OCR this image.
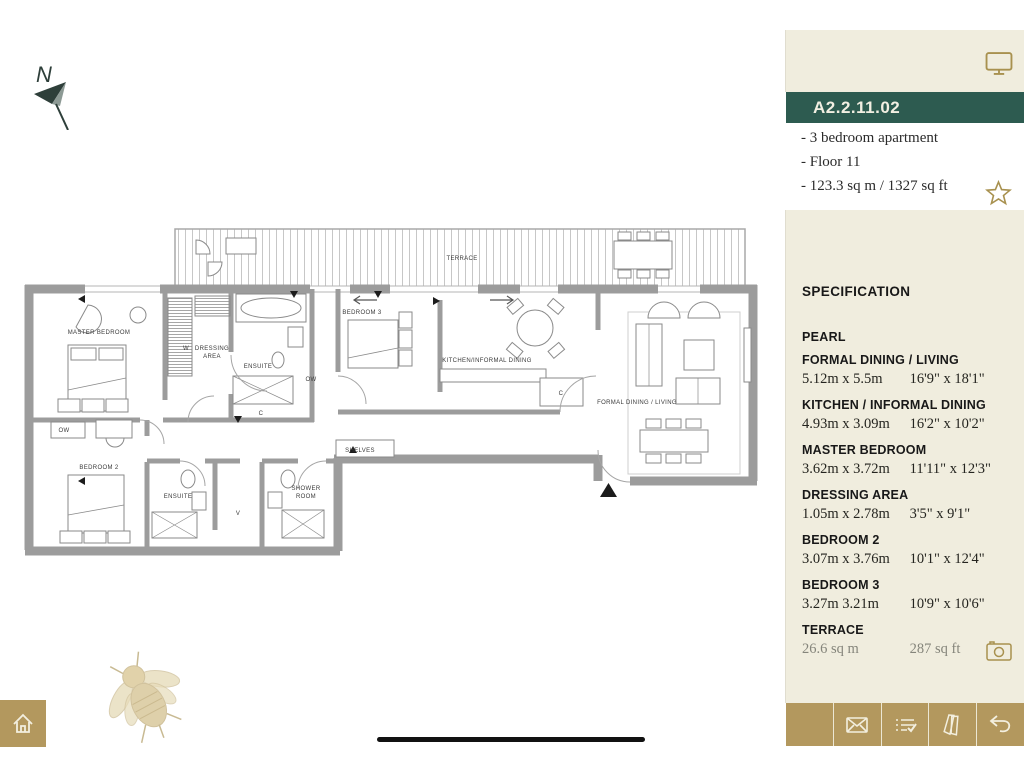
N
TERRACE
MASTER BEDROOM
W DRESSING
AREA
ENSUITE
OW
C
BEDROOM 3
KITCHEN/INFORMAL DINING
FORMAL DINING / LIVING
C
OW
BEDROOM 2
ENSUITE
V
SHOWER
ROOM
SHELVES
A2.2.11.02
- 3 bedroom apartment
- Floor 11
- 123.3 sq m / 1327 sq ft
SPECIFICATION
PEARL
FORMAL DINING / LIVING
5.12m x 5.5m 16'9" x 18'1"
KITCHEN / INFORMAL DINING
4.93m x 3.09m 16'2" x 10'2"
MASTER BEDROOM
3.62m x 3.72m 11'11" x 12'3"
DRESSING AREA
1.05m x 2.78m 3'5" x 9'1"
BEDROOM 2
3.07m x 3.76m 10'1" x 12'4"
BEDROOM 3
3.27m 3.21m 10'9" x 10'6"
TERRACE
26.6 sq m	287 sq ft
